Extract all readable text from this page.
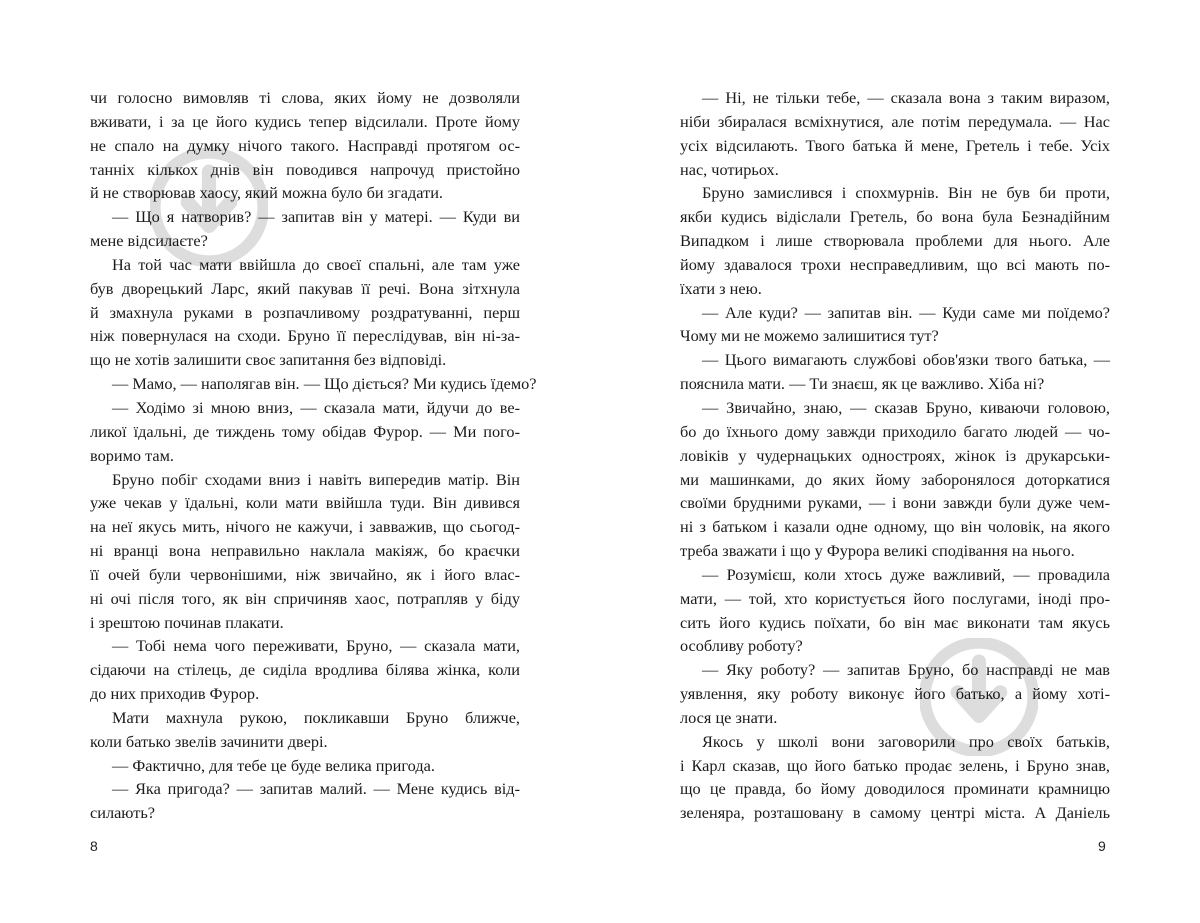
чи голосно вимовляв ті слова, яких йому не дозволяли
вживати, і за це його кудись тепер відсилали. Проте йому
не спало на думку нічого такого. Насправді протягом ос-
танніх кількох днів він поводився напрочуд пристойно
й не створював хаосу, який можна було би згадати.
— Що я натворив? — запитав він у матері. — Куди ви
мене відсилаєте?
На той час мати ввійшла до своєї спальні, але там уже
був дворецький Ларс, який пакував її речі. Вона зітхнула
й змахнула руками в розпачливому роздратуванні, перш
ніж повернулася на сходи. Бруно її переслідував, він ні-за-
що не хотів залишити своє запитання без відповіді.
— Мамо, — наполягав він. — Що діється? Ми кудись їдемо?
— Ходімо зі мною вниз, — сказала мати, йдучи до ве-
ликої їдальні, де тиждень тому обідав Фурор. — Ми пого-
воримо там.
Бруно побіг сходами вниз і навіть випередив матір. Він
уже чекав у їдальні, коли мати ввійшла туди. Він дивився
на неї якусь мить, нічого не кажучи, і завважив, що сьогод-
ні вранці вона неправильно наклала макіяж, бо краєчки
її очей були червонішими, ніж звичайно, як і його влас-
ні очі після того, як він спричиняв хаос, потрапляв у біду
і зрештою починав плакати.
— Тобі нема чого переживати, Бруно, — сказала мати,
сідаючи на стілець, де сиділа вродлива білява жінка, коли
до них приходив Фурор.
Мати махнула рукою, покликавши Бруно ближче,
коли батько звелів зачинити двері.
— Фактично, для тебе це буде велика пригода.
— Яка пригода? — запитав малий. — Мене кудись від-
силають?
— Ні, не тільки тебе, — сказала вона з таким виразом,
ніби збиралася всміхнутися, але потім передумала. — Нас
усіх відсилають. Твого батька й мене, Гретель і тебе. Усіх
нас, чотирьох.
Бруно замислився і спохмурнів. Він не був би проти,
якби кудись відіслали Гретель, бо вона була Безнадійним
Випадком і лише створювала проблеми для нього. Але
йому здавалося трохи несправедливим, що всі мають по-
їхати з нею.
— Але куди? — запитав він. — Куди саме ми поїдемо?
Чому ми не можемо залишитися тут?
— Цього вимагають службові обов'язки твого батька, —
пояснила мати. — Ти знаєш, як це важливо. Хіба ні?
— Звичайно, знаю, — сказав Бруно, киваючи головою,
бо до їхнього дому завжди приходило багато людей — чо-
ловіків у чудернацьких одностроях, жінок із друкарськи-
ми машинками, до яких йому заборонялося доторкатися
своїми брудними руками, — і вони завжди були дуже чем-
ні з батьком і казали одне одному, що він чоловік, на якого
треба зважати і що у Фурора великі сподівання на нього.
— Розумієш, коли хтось дуже важливий, — провадила
мати, — той, хто користується його послугами, іноді про-
сить його кудись поїхати, бо він має виконати там якусь
особливу роботу?
— Яку роботу? — запитав Бруно, бо насправді не мав
уявлення, яку роботу виконує його батько, а йому хоті-
лося це знати.
Якось у школі вони заговорили про своїх батьків,
і Карл сказав, що його батько продає зелень, і Бруно знав,
що це правда, бо йому доводилося проминати крамницю
зеленяра, розташовану в самому центрі міста. А Даніель
8	9
